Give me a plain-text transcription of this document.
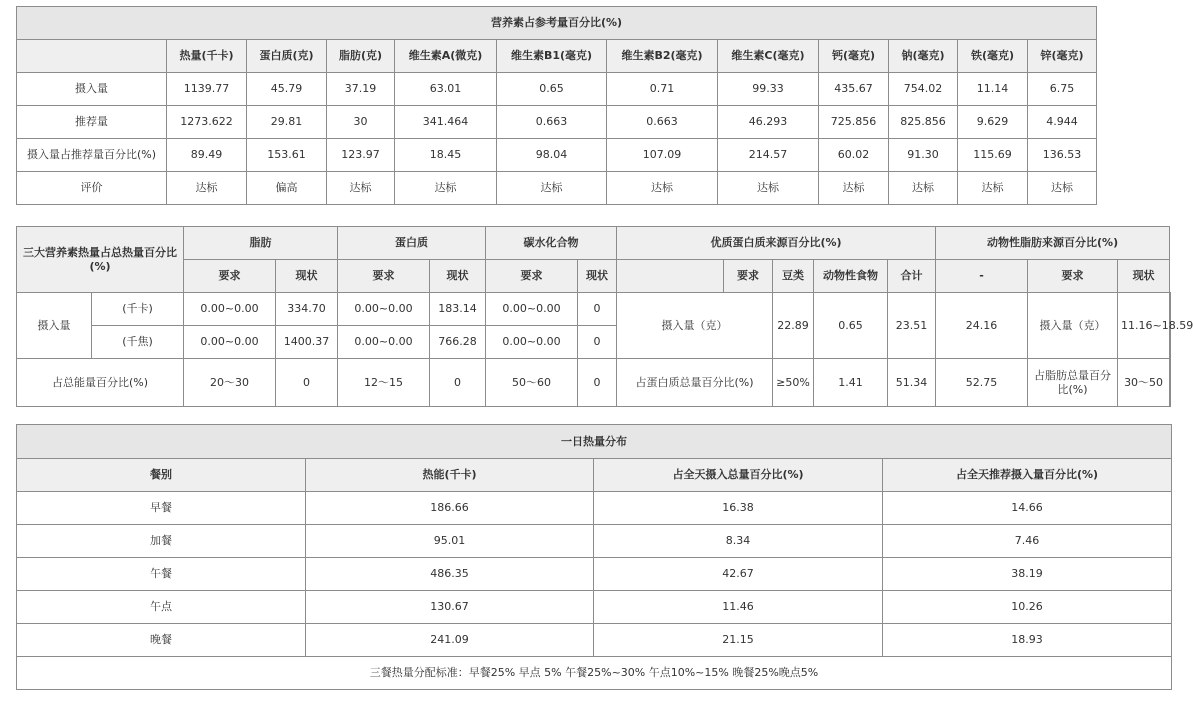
营养素占参考量百分比(%)											
	热量(千卡)	蛋白质(克)	脂肪(克)	维生素A(微克)	维生素B1(毫克)	维生素B2(毫克)	维生素C(毫克)	钙(毫克)	钠(毫克)	铁(毫克)	锌(毫克)
摄入量	1139.77	45.79	37.19	63.01	0.65	0.71	99.33	435.67	754.02	11.14	6.75
推荐量	1273.622	29.81	30	341.464	0.663	0.663	46.293	725.856	825.856	9.629	4.944
摄入量占推荐量百分比(%)	89.49	153.61	123.97	18.45	98.04	107.09	214.57	60.02	91.30	115.69	136.53
评价	达标	偏高	达标	达标	达标	达标	达标	达标	达标	达标	达标
三大营养素热量占总热量百分比(%)		脂肪		蛋白质		碳水化合物		优质蛋白质来源百分比(%)					动物性脂肪来源百分比(%)			
		要求	现状	要求	现状	要求	现状		要求	豆类	动物性食物	合计	-	要求	现状	
摄入量	(千卡)	0.00~0.00	334.70	0.00~0.00	183.14	0.00~0.00	0	摄入量（克）		22.89	0.65	23.51	24.16	摄入量（克）	11.16~18.59	
	(千焦)	0.00~0.00	1400.37	0.00~0.00	766.28	0.00~0.00	0									
占总能量百分比(%)		20～30	0	12～15	0	50～60	0	占蛋白质总量百分比(%)		≥50%	1.41	51.34	52.75	占脂肪总量百分比(%)	30～50	
一日热量分布			
餐别	热能(千卡)	占全天摄入总量百分比(%)	占全天推荐摄入量百分比(%)
早餐	186.66	16.38	14.66
加餐	95.01	8.34	7.46
午餐	486.35	42.67	38.19
午点	130.67	11.46	10.26
晚餐	241.09	21.15	18.93
三餐热量分配标准：早餐25% 早点 5% 午餐25%~30% 午点10%~15% 晚餐25%晚点5%			
